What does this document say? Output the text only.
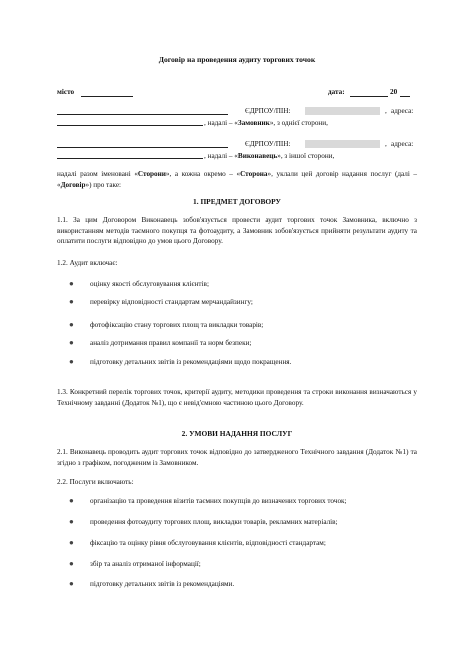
Договір на проведення аудиту торгових точок
місто	дата:	20
ЄДРПОУ/ПІН:	, адреса:
, надалі – «Замовник», з однієї сторони,
ЄДРПОУ/ПІН:	, адреса:
, надалі – «Виконавець», з іншої сторони,
надалі разом іменовані «Сторони», а кожна окремо – «Сторона», уклали цей договір надання послуг (далі – «Договір») про таке:
1. ПРЕДМЕТ ДОГОВОРУ
1.1. За цим Договором Виконавець зобов'язується провести аудит торгових точок Замовника, включно з використанням методів таємного покупця та фотоаудиту, а Замовник зобов'язується прийняти результати аудиту та оплатити послуги відповідно до умов цього Договору.
1.2. Аудит включає:
●	оцінку якості обслуговування клієнтів;
●	перевірку відповідності стандартам мерчандайзингу;
●	фотофіксацію стану торгових площ та викладки товарів;
●	аналіз дотримання правил компанії та норм безпеки;
●	підготовку детальних звітів із рекомендаціями щодо покращення.
1.3. Конкретний перелік торгових точок, критерії аудиту, методики проведення та строки виконання визначаються у Технічному завданні (Додаток №1), що є невід'ємною частиною цього Договору.
2. УМОВИ НАДАННЯ ПОСЛУГ
2.1. Виконавець проводить аудит торгових точок відповідно до затвердженого Технічного завдання (Додаток №1) та згідно з графіком, погодженим із Замовником.
2.2. Послуги включають:
●	організацію та проведення візитів таємних покупців до визначених торгових точок;
●	проведення фотоаудиту торгових площ, викладки товарів, рекламних матеріалів;
●	фіксацію та оцінку рівня обслуговування клієнтів, відповідності стандартам;
●	збір та аналіз отриманої інформації;
●	підготовку детальних звітів із рекомендаціями.
